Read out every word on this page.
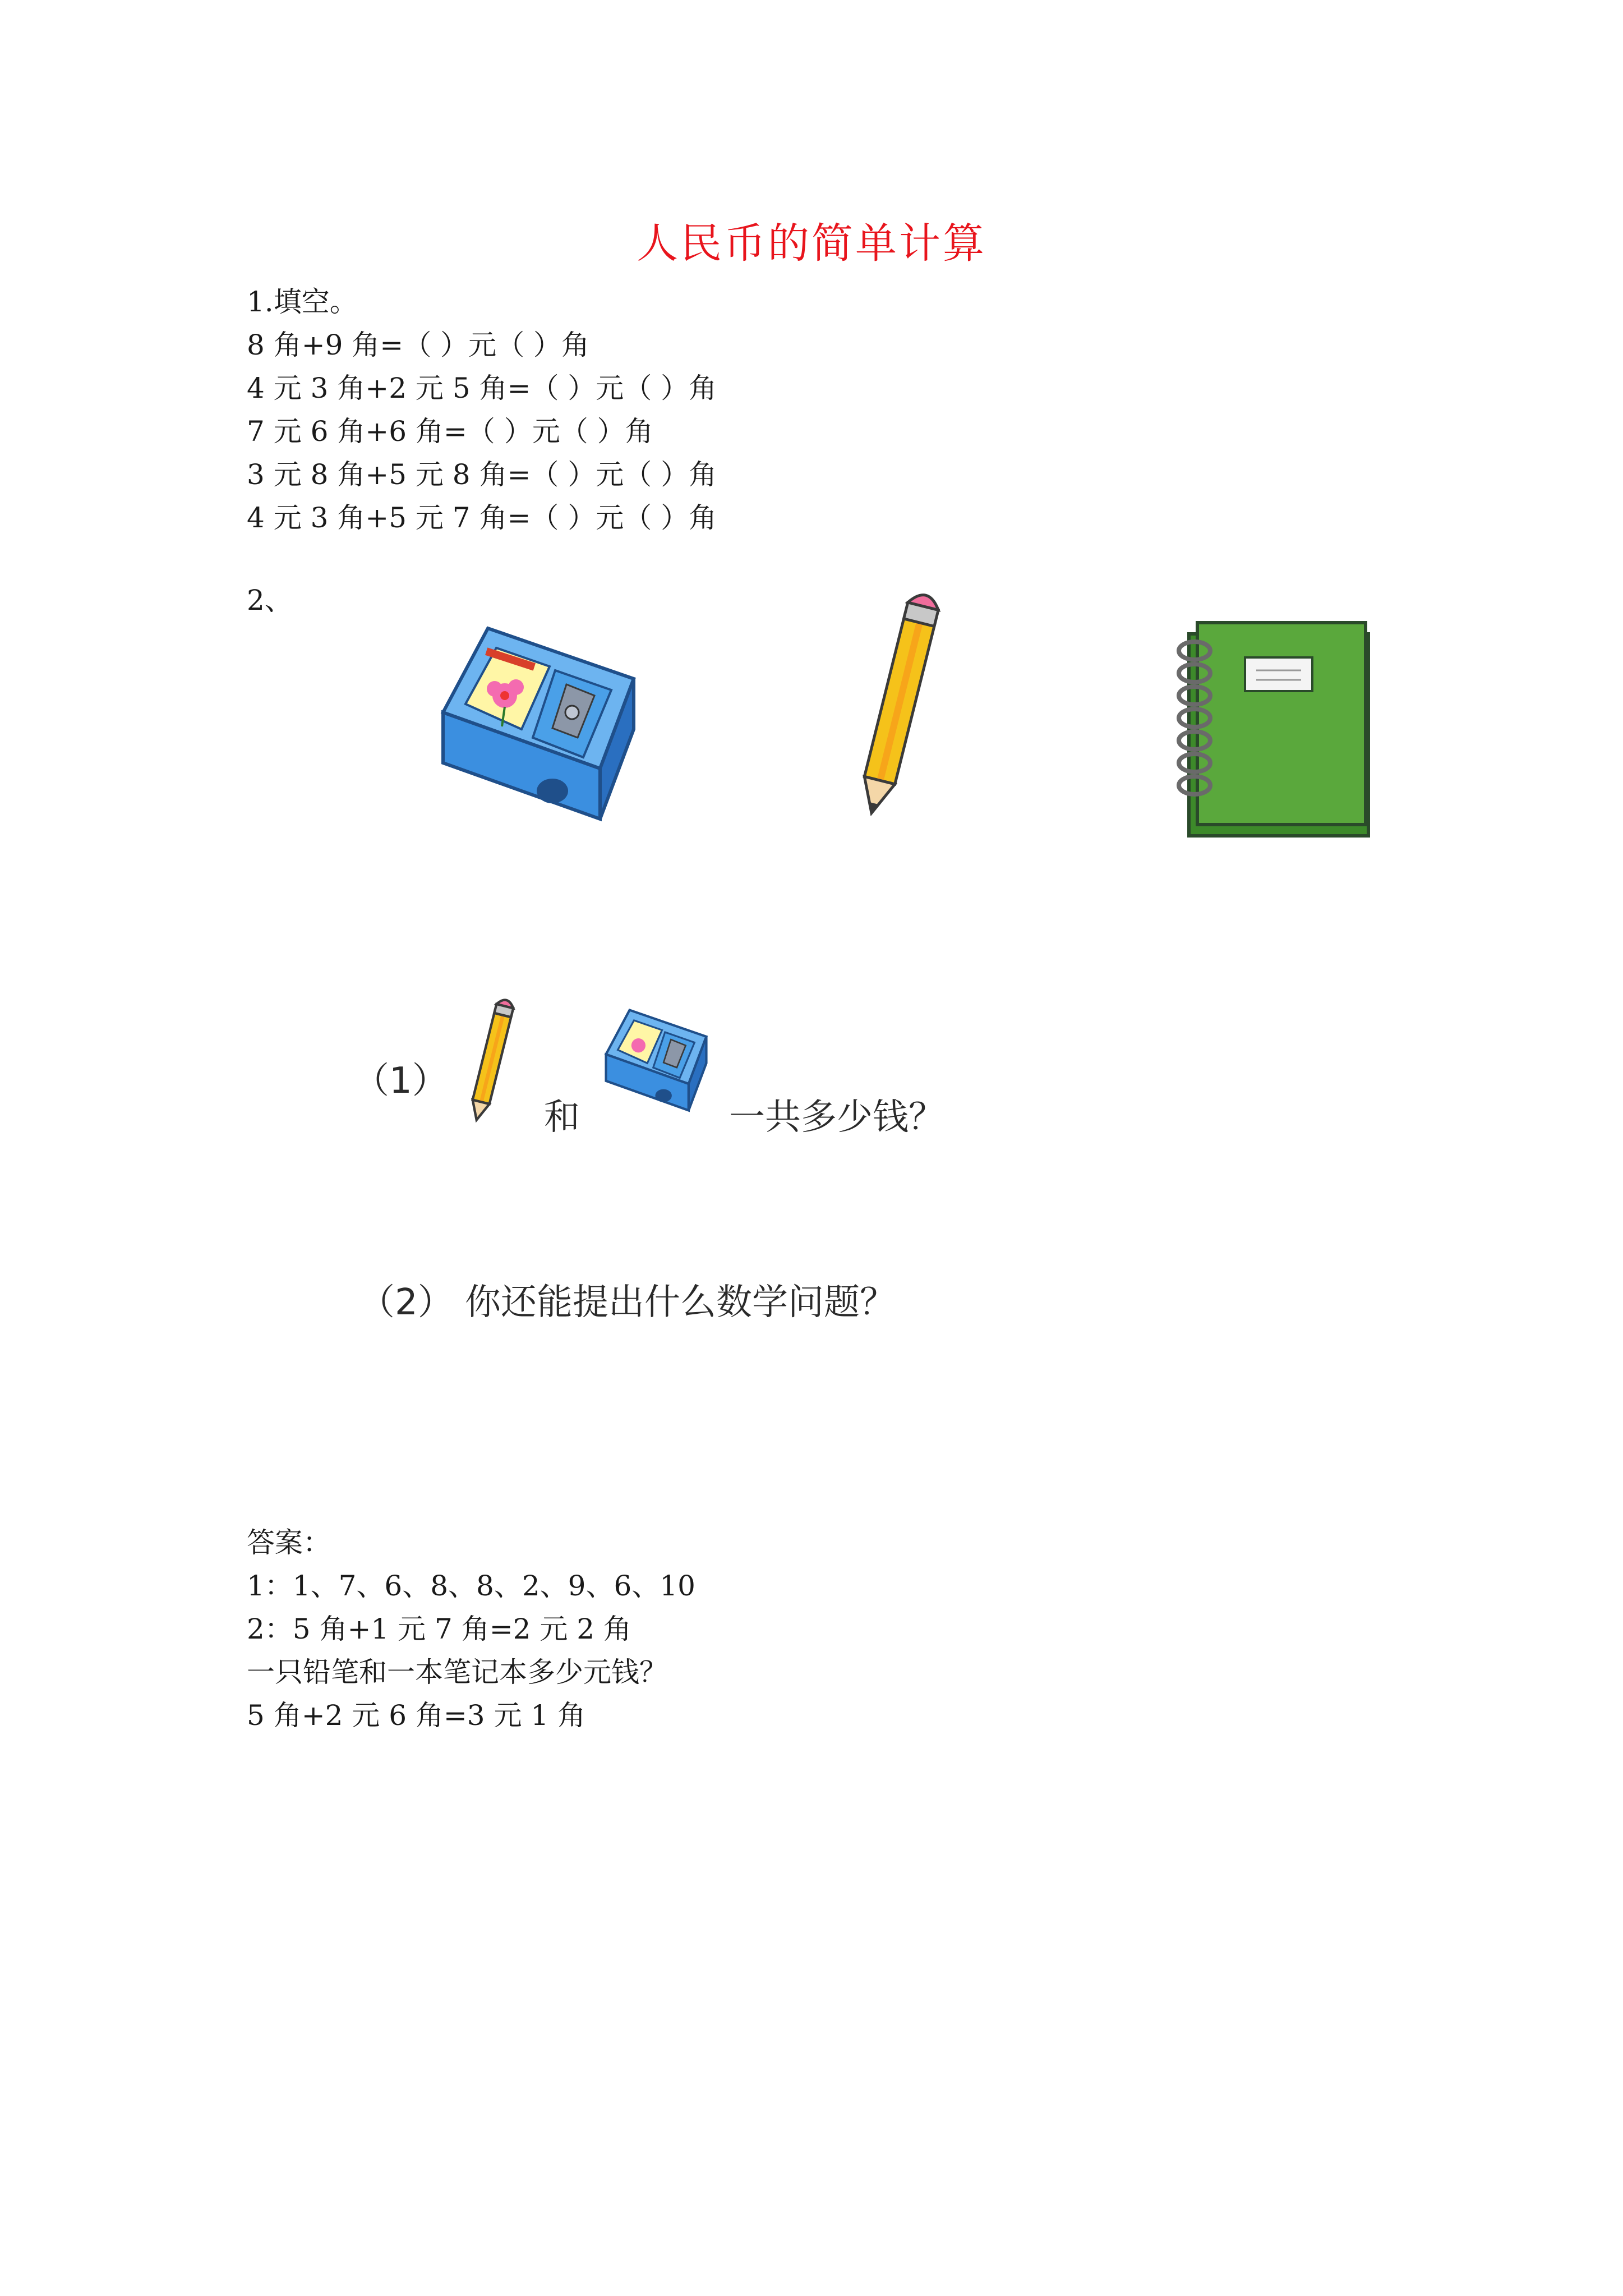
人民币的简单计算
1.填空。
8 角+9 角=（ ）元（ ）角
4 元 3 角+2 元 5 角=（ ）元（ ）角
7 元 6 角+6 角=（ ）元（ ）角
3 元 8 角+5 元 8 角=（ ）元（ ）角
4 元 3 角+5 元 7 角=（ ）元（ ）角
2、
（1）
和	一共多少钱？
（2） 你还能提出什么数学问题？
答案：
1：1、7、6、8、8、2、9、6、10
2：5 角+1 元 7 角=2 元 2 角
一只铅笔和一本笔记本多少元钱？
5 角+2 元 6 角=3 元 1 角
